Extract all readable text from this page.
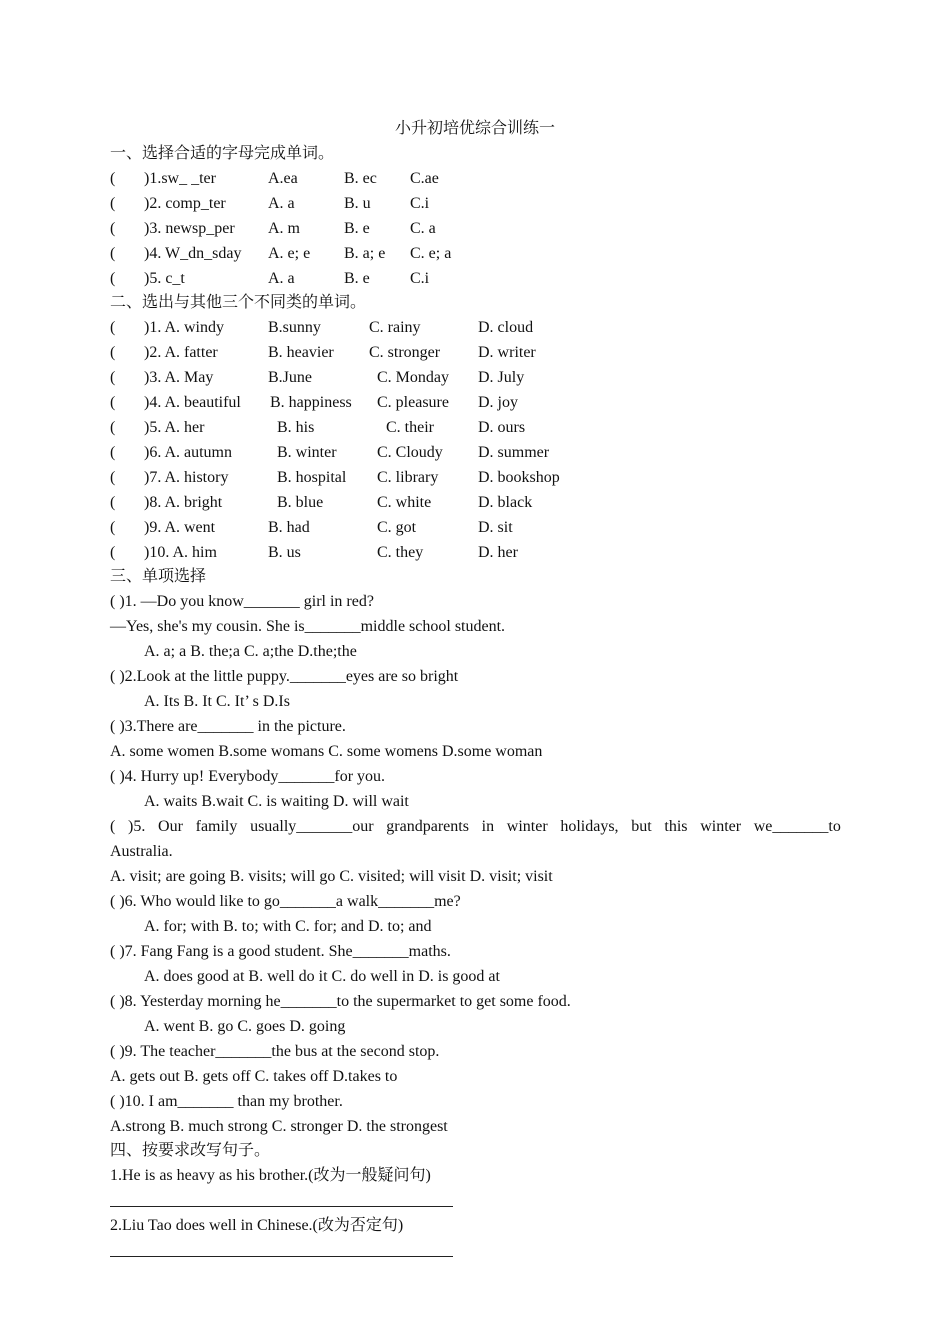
小升初培优综合训练一
一、选择合适的字母完成单词。
( )1.sw_ _ter	A.ea	B. ec C.ae
( )2. comp_ter	A. a	B. u C.i
( )3. newsp_per A. m	B. e	C. a
( )4. W_dn_sday A. e; e B. a; e C. e; a
( )5. c_t	A. a	B. e	C.i
二、选出与其他三个不同类的单词。
( )1. A. windy	B.sunny	C. rainy	D. cloud
( )2. A. fatter	B. heavier C. stronger D. writer
( )3. A. May	B.June	C. Monday D. July
( )4. A. beautiful B. happiness C. pleasure D. joy
( )5. A. her	B. his	C. their	D. ours
( )6. A. autumn	B. winter	C. Cloudy D. summer
( )7. A. history	B. hospital C. library D. bookshop
( )8. A. bright	B. blue	C. white	D. black
( )9. A. went	B. had	C. got	D. sit
( )10. A. him	B. us	C. they	D. her
三、单项选择
( )1. —Do you know_______ girl in red?
—Yes, she's my cousin. She is_______middle school student.
A. a; a B. the;a C. a;the D.the;the
( )2.Look at the little puppy._______eyes are so bright
A. Its B. It C. It’ s D.Is
( )3.There are_______ in the picture.
A. some women B.some womans C. some womens D.some woman
( )4. Hurry up! Everybody_______for you.
A. waits B.wait C. is waiting D. will wait
( )5. Our family usually_______our grandparents in winter holidays, but this winter we_______to
Australia.
A. visit; are going B. visits; will go C. visited; will visit D. visit; visit
( )6. Who would like to go_______a walk_______me?
A. for; with B. to; with C. for; and D. to; and
( )7. Fang Fang is a good student. She_______maths.
A. does good at B. well do it C. do well in D. is good at
( )8. Yesterday morning he_______to the supermarket to get some food.
A. went B. go C. goes D. going
( )9. The teacher_______the bus at the second stop.
A. gets out B. gets off C. takes off D.takes to
( )10. I am_______ than my brother.
A.strong B. much strong C. stronger D. the strongest
四、按要求改写句子。
1.He is as heavy as his brother.(改为一般疑问句)
2.Liu Tao does well in Chinese.(改为否定句)
